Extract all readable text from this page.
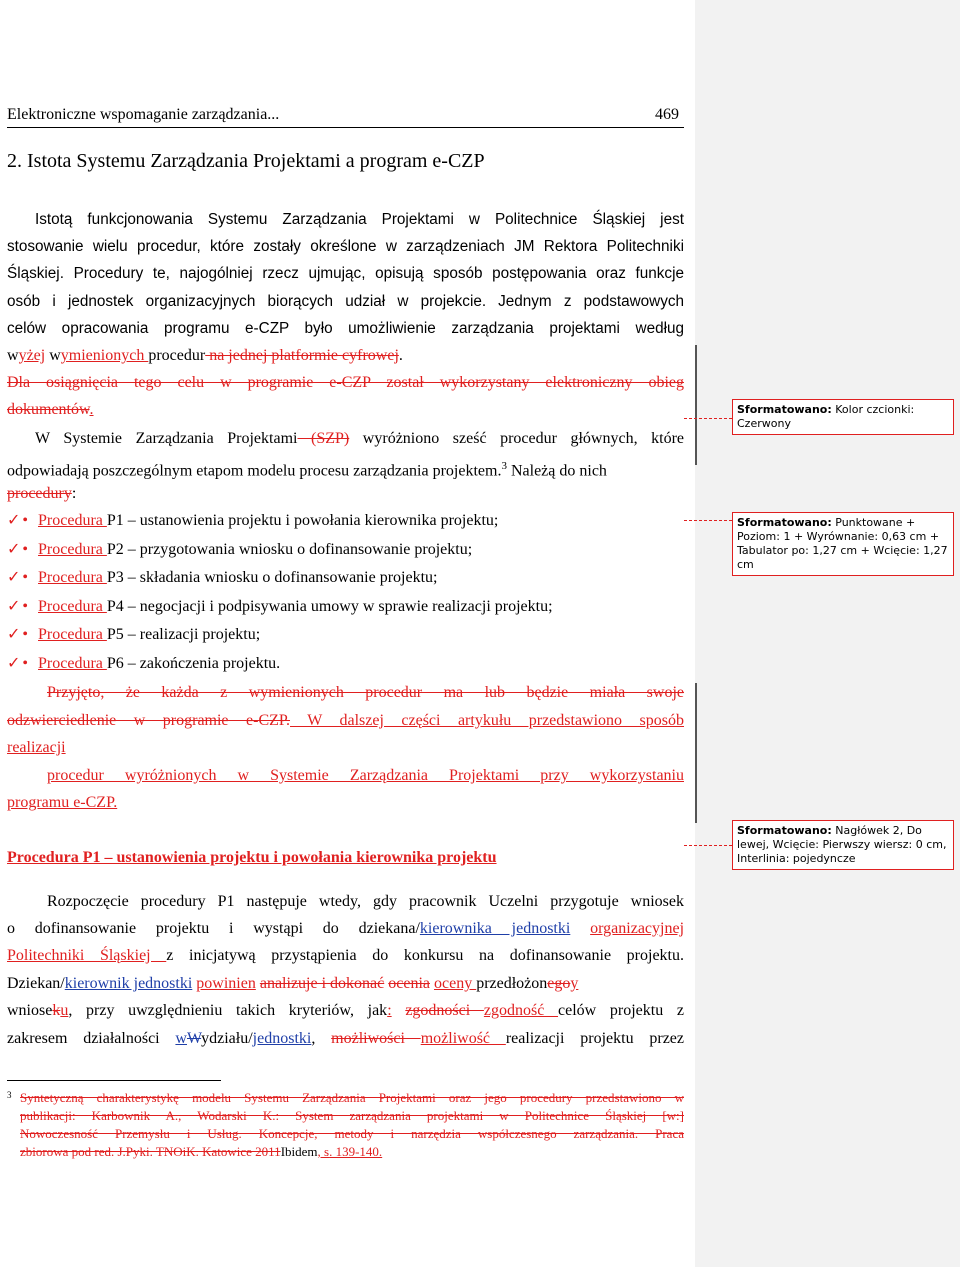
Elektroniczne wspomaganie zarządzania...	469
2. Istota Systemu Zarządzania Projektami a program e-CZP
Istotą funkcjonowania Systemu Zarządzania Projektami w Politechnice Śląskiej jest
stosowanie wielu procedur, które zostały określone w zarządzeniach JM Rektora Politechniki
Śląskiej. Procedury te, najogólniej rzecz ujmując, opisują sposób postępowania oraz funkcje
osób i jednostek organizacyjnych biorących udział w projekcie. Jednym z podstawowych
celów opracowania programu e-CZP było umożliwienie zarządzania projektami według
wyżej wymienionych procedur na jednej platformie cyfrowej.
Dla osiągnięcia tego celu w programie e-CZP został wykorzystany elektroniczny obieg
dokumentów.
W Systemie Zarządzania Projektami (SZP) wyróżniono sześć procedur głównych, które
odpowiadają poszczególnym etapom modelu procesu zarządzania projektem.$^3$ Należą do nich
procedury:
✓ • Procedura P1 – ustanowienia projektu i powołania kierownika projektu;
✓ • Procedura P2 – przygotowania wniosku o dofinansowanie projektu;
✓ • Procedura P3 – składania wniosku o dofinansowanie projektu;
✓ • Procedura P4 – negocjacji i podpisywania umowy w sprawie realizacji projektu;
✓ • Procedura P5 – realizacji projektu;
✓ • Procedura P6 – zakończenia projektu.
Przyjęto, że każda z wymienionych procedur ma lub będzie miała swoje
odzwierciedlenie w programie e-CZP. W dalszej części artykułu przedstawiono sposób
realizacji
procedur wyróżnionych w Systemie Zarządzania Projektami przy wykorzystaniu
programu e-CZP.
Procedura P1 – ustanowienia projektu i powołania kierownika projektu
Rozpoczęcie procedury P1 następuje wtedy, gdy pracownik Uczelni przygotuje wniosek
o dofinansowanie projektu i wystąpi do dziekana/kierownika jednostki organizacyjnej
Politechniki Śląskiej z inicjatywą przystąpienia do konkursu na dofinansowanie projektu.
Dziekan/kierownik jednostki powinien analizuje i dokonać ocenia oceny przedłożonegoy
wnioseku, przy uwzględnieniu takich kryteriów, jak: zgodności zgodność celów projektu z
zakresem działalności wWydziału/jednostki, możliwości możliwość realizacji projektu przez
$^3$ Syntetyczną charakterystykę modelu Systemu Zarządzania Projektami oraz jego procedury przedstawiono w
publikacji: Karbownik A., Wodarski K.: System zarządzania projektami w Politechnice Śląskiej [w:]
Nowoczesność Przemysłu i Usług. Koncepcje, metody i narzędzia współczesnego zarządzania. Praca
zbiorowa pod red. J.Pyki. TNOiK. Katowice 2011Ibidem, s. 139-140.
Sformatowano: Kolor czcionki: Czerwony
Sformatowano: Punktowane + Poziom: 1 + Wyrównanie: 0,63 cm + Tabulator po: 1,27 cm + Wcięcie: 1,27 cm
Sformatowano: Nagłówek 2, Do lewej, Wcięcie: Pierwszy wiersz: 0 cm, Interlinia: pojedyncze
